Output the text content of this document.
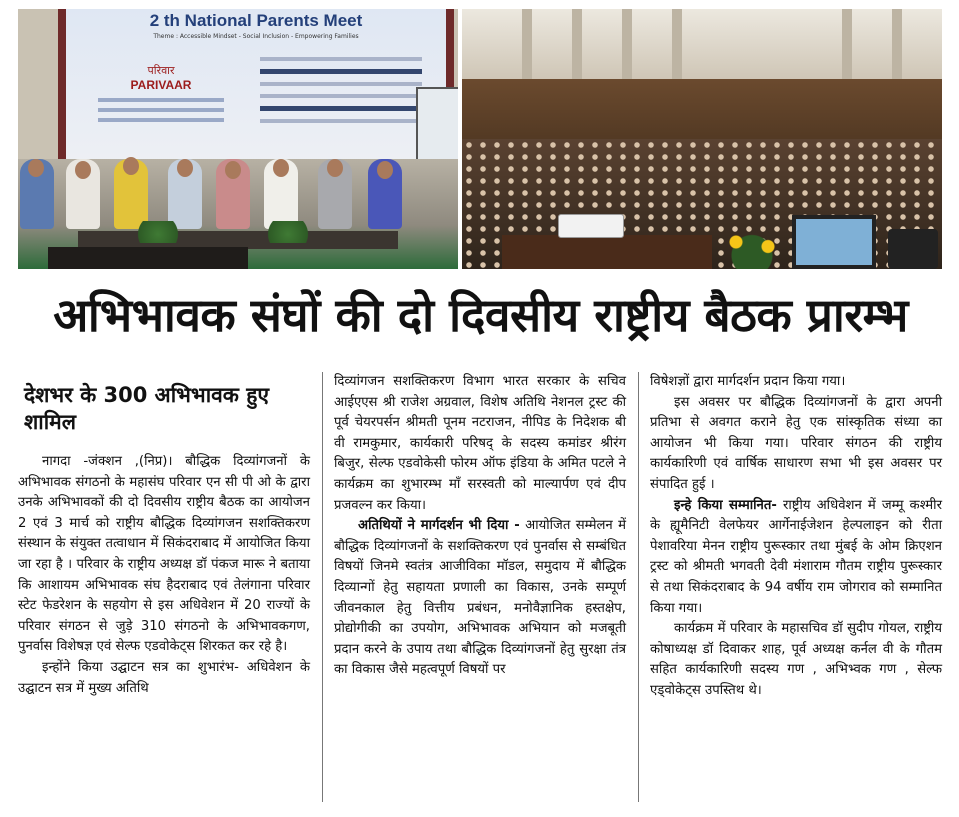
2 th National Parents Meet
Theme : Accessible Mindset - Social Inclusion - Empowering Families
परिवार
PARIVAAR
अभिभावक संघों की दो दिवसीय राष्ट्रीय बैठक प्रारम्भ
देशभर के 300 अभिभावक हुए शामिल

नागदा -जंक्शन ,(निप्र)। बौद्धिक दिव्यांगजनों के अभिभावक संगठनो के महासंघ परिवार एन सी पी ओ के द्वारा उनके अभिभावकों की दो दिवसीय राष्ट्रीय बैठक का आयोजन 2 एवं 3 मार्च को राष्ट्रीय बौद्धिक दिव्यांगजन सशक्तिकरण संस्थान के संयुक्त तत्वाधान में सिकंदराबाद में आयोजित किया जा रहा है । परिवार के राष्ट्रीय अध्यक्ष डॉ पंकज मारू ने बताया कि आशायम अभिभावक संघ हैदराबाद एवं तेलंगाना परिवार स्टेट फेडरेशन के सहयोग से इस अधिवेशन में 20 राज्यों के परिवार संगठन से जुड़े 310 संगठनो के अभिभावकगण, पुनर्वास विशेषज्ञ एवं सेल्फ एडवोकेट्स शिरकत कर रहे है।

इन्होंने किया उद्घाटन सत्र का शुभारंभ- अधिवेशन के उद्घाटन सत्र में मुख्य अतिथि

दिव्यांगजन सशक्तिकरण विभाग भारत सरकार के सचिव आईएएस श्री राजेश अग्रवाल, विशेष अतिथि नेशनल ट्रस्ट की पूर्व चेयरपर्सन श्रीमती पूनम नटराजन, नीपिड के निदेशक बी वी रामकुमार, कार्यकारी परिषद् के सदस्य कमांडर श्रीरंग बिजुर, सेल्फ एडवोकेसी फोरम ऑफ इंडिया के अमित पटले ने कार्यक्रम का शुभारम्भ माँ सरस्वती को माल्यार्पण एवं दीप प्रजवल्न कर किया।

अतिथियों ने मार्गदर्शन भी दिया - आयोजित सम्मेलन में बौद्धिक दिव्यांगजनों के सशक्तिकरण एवं पुनर्वास से सम्बंधित विषयों जिनमे स्वतंत्र आजीविका मॉडल, समुदाय में बौद्धिक दिव्यान्गों हेतु सहायता प्रणाली का विकास, उनके सम्पूर्ण जीवनकाल हेतु वित्तीय प्रबंधन, मनोवैज्ञानिक हस्तक्षेप, प्रोद्योगीकी का उपयोग, अभिभावक अभियान को मजबूती प्रदान करने के उपाय तथा बौद्धिक दिव्यांगजनों हेतु सुरक्षा तंत्र का विकास जैसे महत्वपूर्ण विषयों पर

विषेशज्ञों द्वारा मार्गदर्शन प्रदान किया गया।

इस अवसर पर बौद्धिक दिव्यांगजनों के द्वारा अपनी प्रतिभा से अवगत कराने हेतु एक सांस्कृतिक संध्या का आयोजन भी किया गया। परिवार संगठन की राष्ट्रीय कार्यकारिणी एवं वार्षिक साधारण सभा भी इस अवसर पर संपादित हुई ।

इन्हे किया सम्मानित- राष्ट्रीय अधिवेशन में जम्मू कश्मीर के ह्यूमैनिटी वेलफेयर आर्गेनाईजेशन हेल्पलाइन को रीता पेशावरिया मेनन राष्ट्रीय पुरूस्कार तथा मुंबई के ओम क्रिएशन ट्रस्ट को श्रीमती भगवती देवी मंशाराम गौतम राष्ट्रीय पुरूस्कार से तथा सिकंदराबाद के 94 वर्षीय राम जोगराव को सम्मानित किया गया।

कार्यक्रम में परिवार के महासचिव डॉ सुदीप गोयल, राष्ट्रीय कोषाध्यक्ष डॉ दिवाकर शाह, पूर्व अध्यक्ष कर्नल वी के गौतम सहित कार्यकारिणी सदस्य गण , अभिभ्वक गण , सेल्फ एड्वोकेट्स उपस्तिथ थे।
